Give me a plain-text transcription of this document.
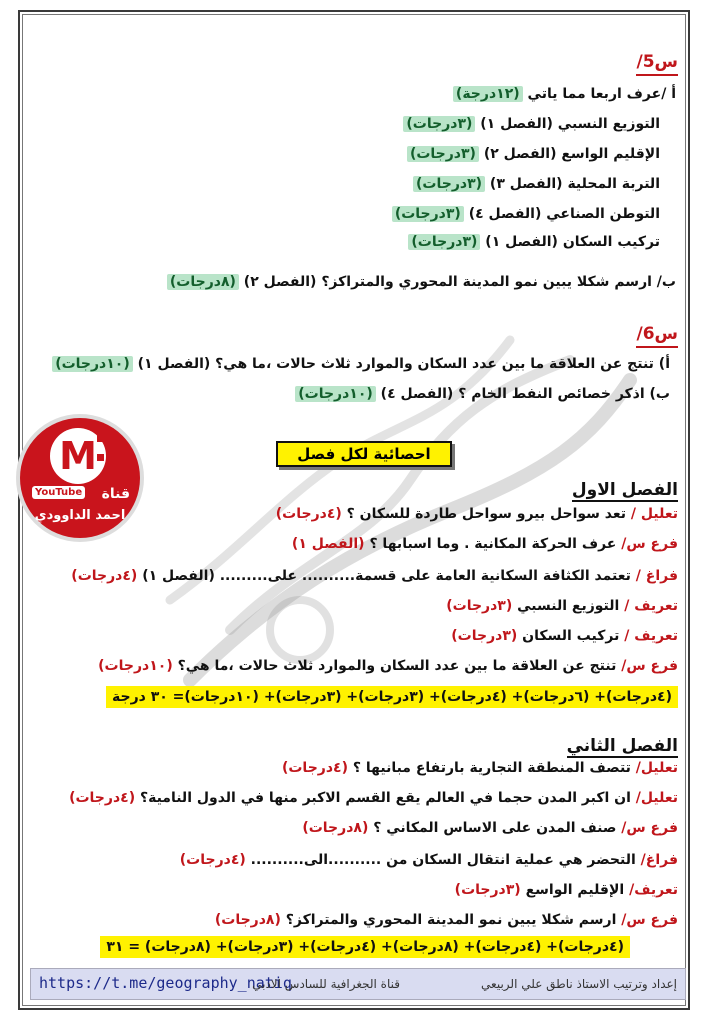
س5/
أ /عرف اربعا مما ياتي (١٢درجة)
التوزيع النسبي (الفصل ١) (٣درجات)
الإقليم الواسع (الفصل ٢) (٣درجات)
التربة المحلية (الفصل ٣) (٣درجات)
التوطن الصناعي (الفصل ٤) (٣درجات)
تركيب السكان (الفصل ١) (٣درجات)
ب/ ارسم شكلا يبين نمو المدينة المحوري والمتراكز؟ (الفصل ٢) (٨درجات)
س6/
أ) تنتج عن العلاقة ما بين عدد السكان والموارد ثلاث حالات ،ما هي؟ (الفصل ١) (١٠درجات)
ب) اذكر خصائص النفط الخام ؟ (الفصل ٤) (١٠درجات)
احصائية لكل فصل
M
YouTube قناة
احمد الداوودي

الفصل الاول
تعليل / تعد سواحل بيرو سواحل طاردة للسكان ؟ (٤درجات)
فرع س/ عرف الحركة المكانية . وما اسبابها ؟ (الفصل ١)
فراغ / تعتمد الكثافة السكانية العامة على قسمة.......... على......... (الفصل ١) (٤درجات)
تعريف / التوزيع النسبي (٣درجات)
تعريف / تركيب السكان (٣درجات)
فرع س/ تنتج عن العلاقة ما بين عدد السكان والموارد ثلاث حالات ،ما هي؟ (١٠درجات)
(٤درجات)+ (٦درجات)+ (٤درجات)+ (٣درجات)+ (٣درجات)+ (١٠درجات)= ٣٠ درجة
الفصل الثاني
تعليل/ تتصف المنطقة التجارية بارتفاع مبانيها ؟ (٤درجات)
تعليل/ ان اكبر المدن حجما في العالم يقع القسم الاكبر منها في الدول النامية؟ (٤درجات)
فرع س/ صنف المدن على الاساس المكاني ؟ (٨درجات)
فراغ/ التحضر هي عملية انتقال السكان من ..........الى.......... (٤درجات)
تعريف/ الإقليم الواسع (٣درجات)
فرع س/ ارسم شكلا يبين نمو المدينة المحوري والمتراكز؟ (٨درجات)
(٤درجات)+ (٤درجات)+ (٨درجات)+ (٤درجات)+ (٣درجات)+ (٨درجات) = ٣١
https://t.me/geography_natiq
قناة الجغرافية للسادس الادبي	إعداد وترتيب الاستاذ ناطق علي الربيعي
